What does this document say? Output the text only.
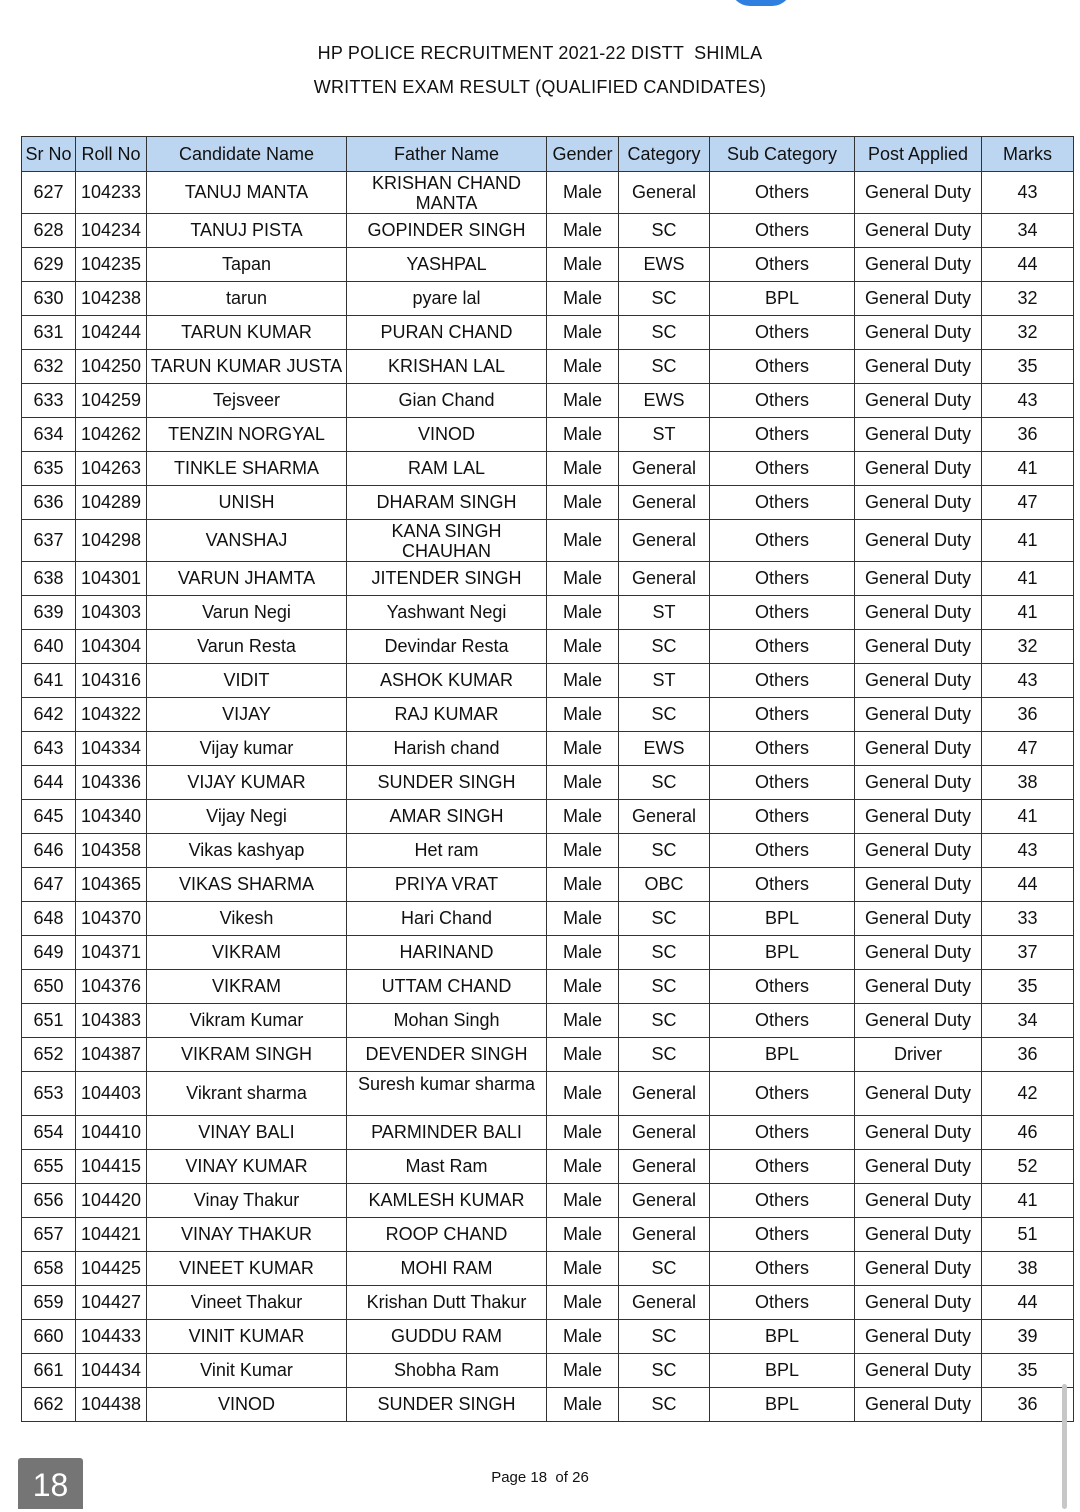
HP POLICE RECRUITMENT 2021-22 DISTT  SHIMLA
WRITTEN EXAM RESULT (QUALIFIED CANDIDATES)
Sr No	Roll No	Candidate Name	Father Name	Gender	Category	Sub Category	Post Applied	Marks
627	104233	TANUJ MANTA	KRISHAN CHAND MANTA	Male	General	Others	General Duty	43
628	104234	TANUJ PISTA	GOPINDER SINGH	Male	SC	Others	General Duty	34
629	104235	Tapan	YASHPAL	Male	EWS	Others	General Duty	44
630	104238	tarun	pyare lal	Male	SC	BPL	General Duty	32
631	104244	TARUN KUMAR	PURAN CHAND	Male	SC	Others	General Duty	32
632	104250	TARUN KUMAR JUSTA	KRISHAN LAL	Male	SC	Others	General Duty	35
633	104259	Tejsveer	Gian Chand	Male	EWS	Others	General Duty	43
634	104262	TENZIN NORGYAL	VINOD	Male	ST	Others	General Duty	36
635	104263	TINKLE SHARMA	RAM LAL	Male	General	Others	General Duty	41
636	104289	UNISH	DHARAM SINGH	Male	General	Others	General Duty	47
637	104298	VANSHAJ	KANA SINGH CHAUHAN	Male	General	Others	General Duty	41
638	104301	VARUN JHAMTA	JITENDER SINGH	Male	General	Others	General Duty	41
639	104303	Varun Negi	Yashwant Negi	Male	ST	Others	General Duty	41
640	104304	Varun Resta	Devindar Resta	Male	SC	Others	General Duty	32
641	104316	VIDIT	ASHOK KUMAR	Male	ST	Others	General Duty	43
642	104322	VIJAY	RAJ KUMAR	Male	SC	Others	General Duty	36
643	104334	Vijay kumar	Harish chand	Male	EWS	Others	General Duty	47
644	104336	VIJAY KUMAR	SUNDER SINGH	Male	SC	Others	General Duty	38
645	104340	Vijay Negi	AMAR SINGH	Male	General	Others	General Duty	41
646	104358	Vikas kashyap	Het ram	Male	SC	Others	General Duty	43
647	104365	VIKAS SHARMA	PRIYA VRAT	Male	OBC	Others	General Duty	44
648	104370	Vikesh	Hari Chand	Male	SC	BPL	General Duty	33
649	104371	VIKRAM	HARINAND	Male	SC	BPL	General Duty	37
650	104376	VIKRAM	UTTAM CHAND	Male	SC	Others	General Duty	35
651	104383	Vikram Kumar	Mohan Singh	Male	SC	Others	General Duty	34
652	104387	VIKRAM SINGH	DEVENDER SINGH	Male	SC	BPL	Driver	36
653	104403	Vikrant sharma	Suresh kumar sharma	Male	General	Others	General Duty	42
654	104410	VINAY BALI	PARMINDER BALI	Male	General	Others	General Duty	46
655	104415	VINAY KUMAR	Mast Ram	Male	General	Others	General Duty	52
656	104420	Vinay Thakur	KAMLESH KUMAR	Male	General	Others	General Duty	41
657	104421	VINAY THAKUR	ROOP CHAND	Male	General	Others	General Duty	51
658	104425	VINEET KUMAR	MOHI RAM	Male	SC	Others	General Duty	38
659	104427	Vineet Thakur	Krishan Dutt Thakur	Male	General	Others	General Duty	44
660	104433	VINIT KUMAR	GUDDU RAM	Male	SC	BPL	General Duty	39
661	104434	Vinit Kumar	Shobha Ram	Male	SC	BPL	General Duty	35
662	104438	VINOD	SUNDER SINGH	Male	SC	BPL	General Duty	36
18	Page 18  of 26
